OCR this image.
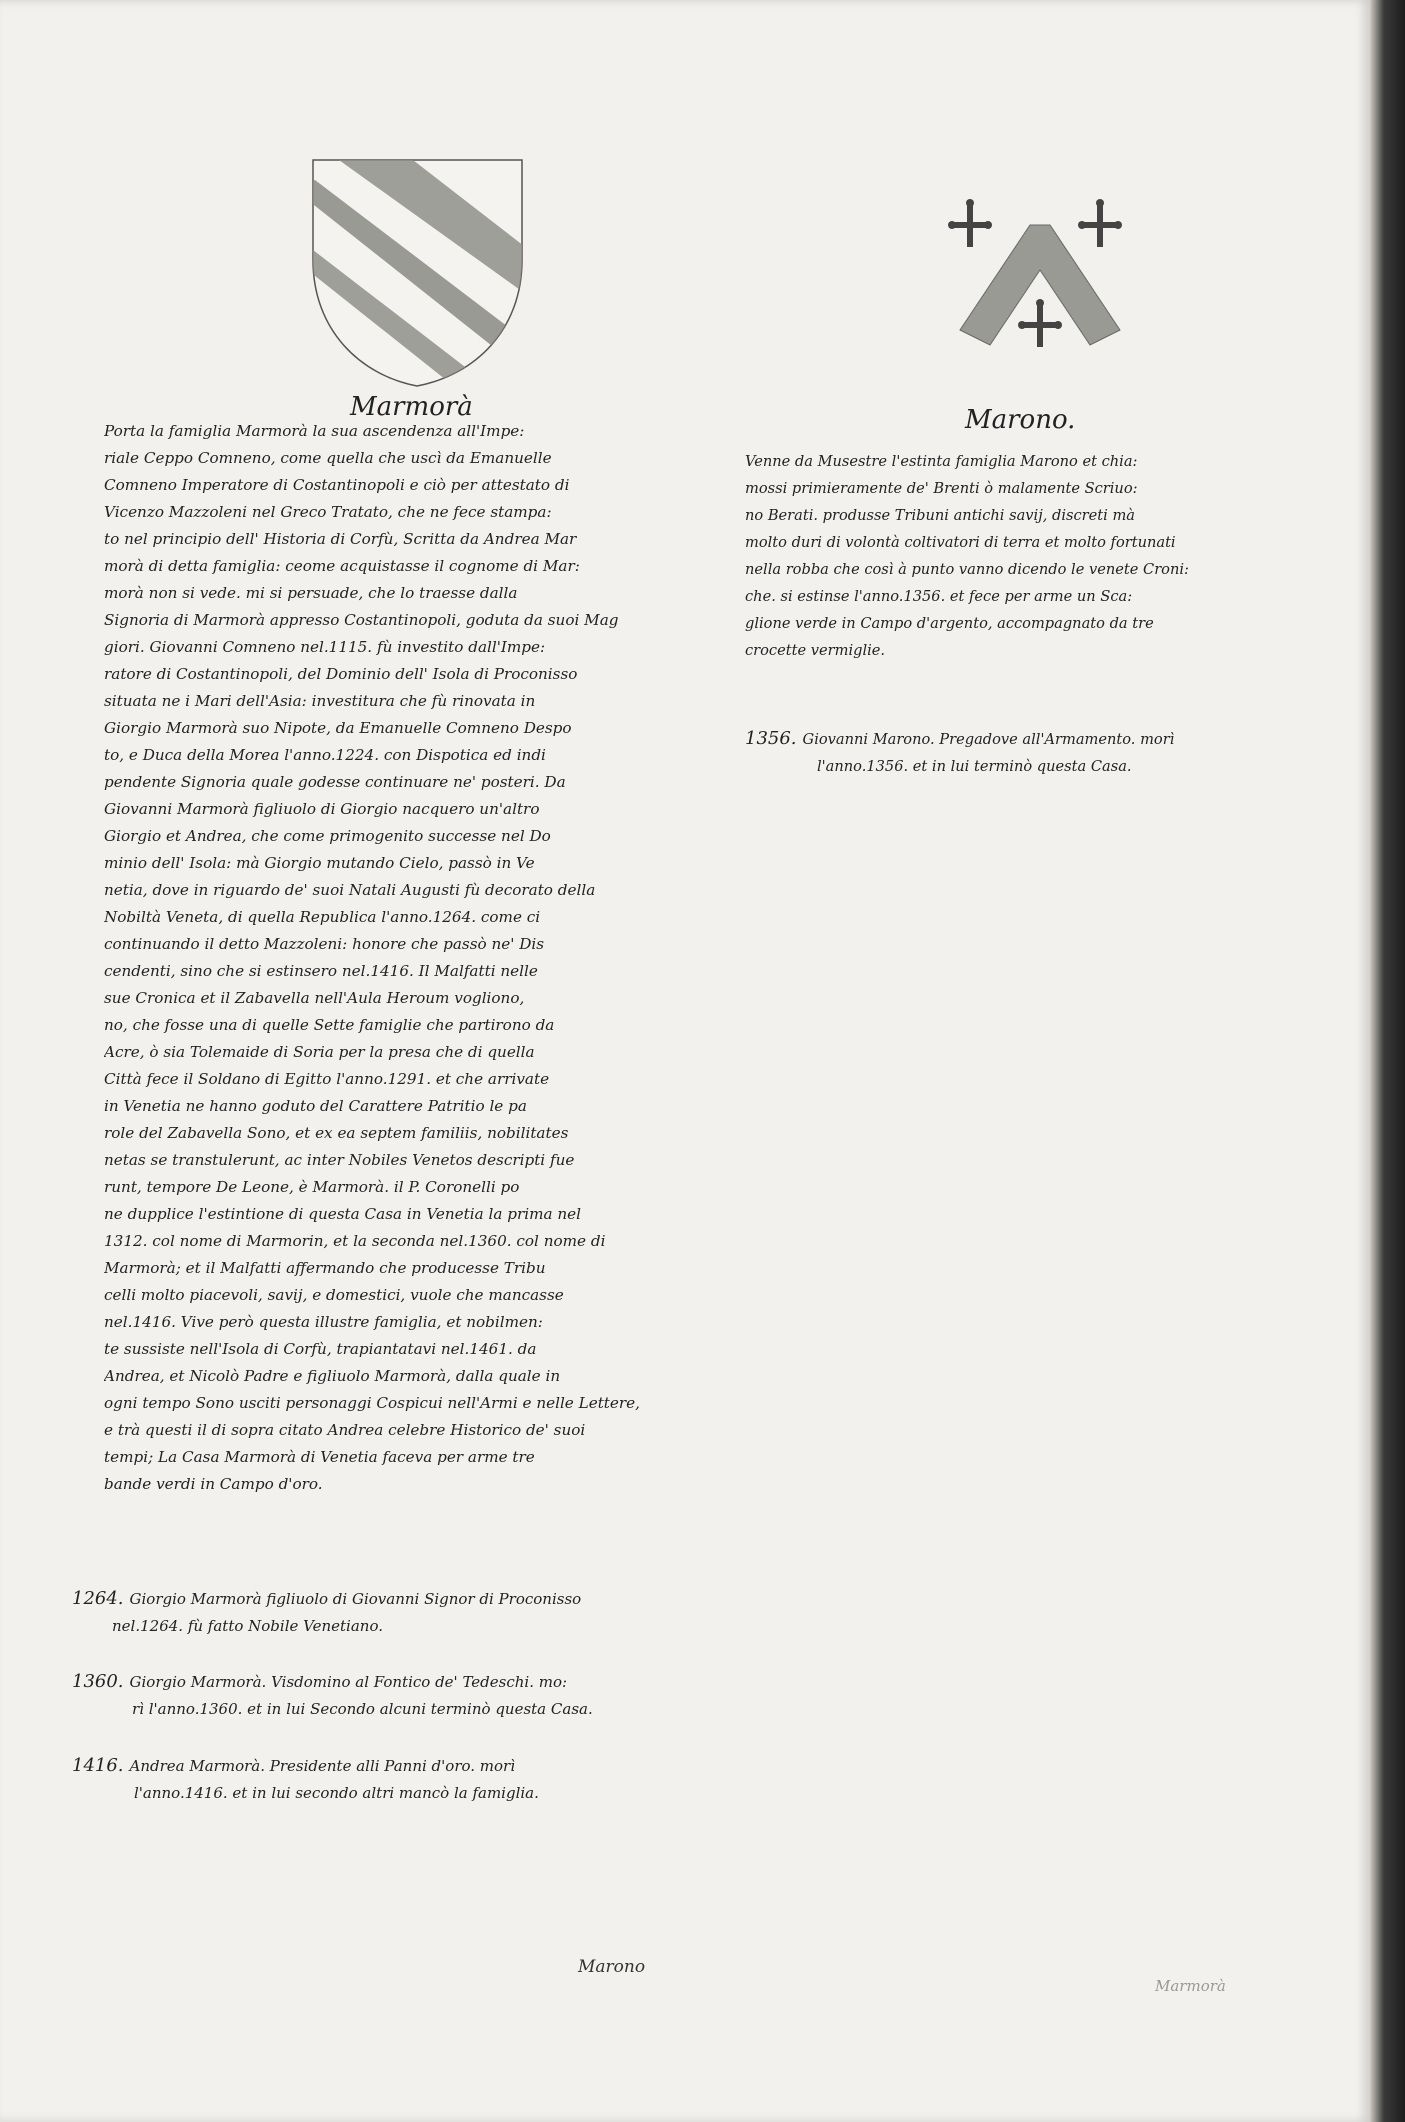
Marmorà	Marono.
Porta la famiglia Marmorà la sua ascendenza all'Impe:
riale Ceppo Comneno, come quella che uscì da Emanuelle
Comneno Imperatore di Costantinopoli e ciò per attestato di
Vicenzo Mazzoleni nel Greco Tratato, che ne fece stampa:
to nel principio dell' Historia di Corfù, Scritta da Andrea Mar
morà di detta famiglia: ceome acquistasse il cognome di Mar:
morà non si vede. mi si persuade, che lo traesse dalla
Signoria di Marmorà appresso Costantinopoli, goduta da suoi Mag
giori. Giovanni Comneno nel.1115. fù investito dall'Impe:
ratore di Costantinopoli, del Dominio dell' Isola di Proconisso
situata ne i Mari dell'Asia: investitura che fù rinovata in
Giorgio Marmorà suo Nipote, da Emanuelle Comneno Despo
to, e Duca della Morea l'anno.1224. con Dispotica ed indi
pendente Signoria quale godesse continuare ne' posteri. Da
Giovanni Marmorà figliuolo di Giorgio nacquero un'altro
Giorgio et Andrea, che come primogenito successe nel Do
minio dell' Isola: mà Giorgio mutando Cielo, passò in Ve
netia, dove in riguardo de' suoi Natali Augusti fù decorato della
Nobiltà Veneta, di quella Republica l'anno.1264. come ci
continuando il detto Mazzoleni: honore che passò ne' Dis
cendenti, sino che si estinsero nel.1416. Il Malfatti nelle
sue Cronica et il Zabavella nell'Aula Heroum vogliono,
no, che fosse una di quelle Sette famiglie che partirono da
Acre, ò sia Tolemaide di Soria per la presa che di quella
Città fece il Soldano di Egitto l'anno.1291. et che arrivate
in Venetia ne hanno goduto del Carattere Patritio le pa
role del Zabavella Sono, et ex ea septem familiis, nobilitates
netas se transtulerunt, ac inter Nobiles Venetos descripti fue
runt, tempore De Leone, è Marmorà. il P. Coronelli po
ne dupplice l'estintione di questa Casa in Venetia la prima nel
1312. col nome di Marmorin, et la seconda nel.1360. col nome di
Marmorà; et il Malfatti affermando che producesse Tribu
celli molto piacevoli, savij, e domestici, vuole che mancasse
nel.1416. Vive però questa illustre famiglia, et nobilmen:
te sussiste nell'Isola di Corfù, trapiantatavi nel.1461. da
Andrea, et Nicolò Padre e figliuolo Marmorà, dalla quale in
ogni tempo Sono usciti personaggi Cospicui nell'Armi e nelle Lettere,
e trà questi il di sopra citato Andrea celebre Historico de' suoi
tempi; La Casa Marmorà di Venetia faceva per arme tre
bande verdi in Campo d'oro.
Venne da Musestre l'estinta famiglia Marono et chia:
mossi primieramente de' Brenti ò malamente Scriuo:
no Berati. produsse Tribuni antichi savij, discreti mà
molto duri di volontà coltivatori di terra et molto fortunati
nella robba che così à punto vanno dicendo le venete Croni:
che. si estinse l'anno.1356. et fece per arme un Sca:
glione verde in Campo d'argento, accompagnato da tre
crocette vermiglie.
1264. Giorgio Marmorà figliuolo di Giovanni Signor di Proconisso
nel.1264. fù fatto Nobile Venetiano.
1360. Giorgio Marmorà. Visdomino al Fontico de' Tedeschi. mo:
rì l'anno.1360. et in lui Secondo alcuni terminò questa Casa.
1416. Andrea Marmorà. Presidente alli Panni d'oro. morì
l'anno.1416. et in lui secondo altri mancò la famiglia.
1356. Giovanni Marono. Pregadove all'Armamento. morì
l'anno.1356. et in lui terminò questa Casa.
Marono
Marmorà
